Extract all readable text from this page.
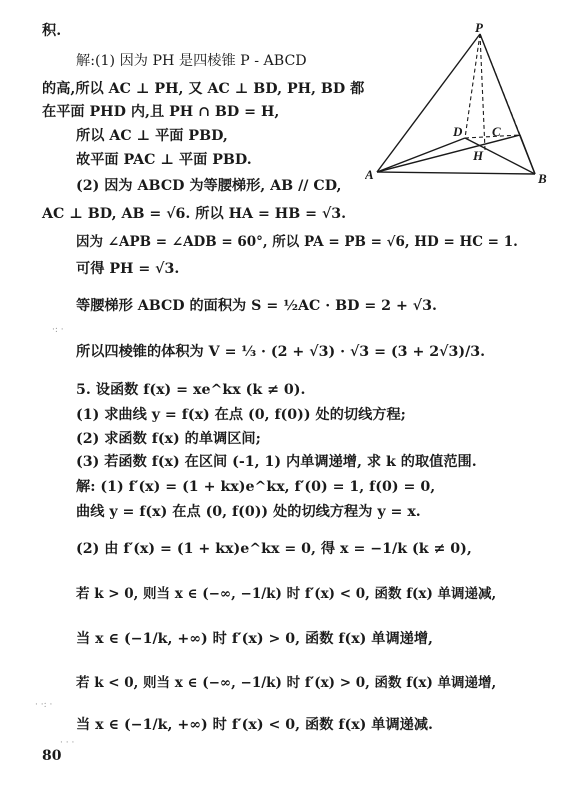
积.
解:(1) 因为 PH 是四棱锥 P - ABCD
的高,所以 AC ⊥ PH, 又 AC ⊥ BD, PH, BD 都
在平面 PHD 内,且 PH ∩ BD = H,
所以 AC ⊥ 平面 PBD,
故平面 PAC ⊥ 平面 PBD.
(2) 因为 ABCD 为等腰梯形, AB // CD,
AC ⊥ BD, AB = √6. 所以 HA = HB = √3.
因为 ∠APB = ∠ADB = 60°, 所以 PA = PB = √6, HD = HC = 1.
可得 PH = √3.
等腰梯形 ABCD 的面积为 S = ½AC · BD = 2 + √3.
所以四棱锥的体积为 V = ⅓ · (2 + √3) · √3 = (3 + 2√3)/3.
5. 设函数 f(x) = xe^kx (k ≠ 0).
(1) 求曲线 y = f(x) 在点 (0, f(0)) 处的切线方程;
(2) 求函数 f(x) 的单调区间;
(3) 若函数 f(x) 在区间 (-1, 1) 内单调递增, 求 k 的取值范围.
解: (1) f′(x) = (1 + kx)e^kx, f′(0) = 1, f(0) = 0,
曲线 y = f(x) 在点 (0, f(0)) 处的切线方程为 y = x.
(2) 由 f′(x) = (1 + kx)e^kx = 0, 得 x = −1/k (k ≠ 0),
若 k > 0, 则当 x ∈ (−∞, −1/k) 时 f′(x) < 0, 函数 f(x) 单调递减,
当 x ∈ (−1/k, +∞) 时 f′(x) > 0, 函数 f(x) 单调递增,
若 k < 0, 则当 x ∈ (−∞, −1/k) 时 f′(x) > 0, 函数 f(x) 单调递增,
当 x ∈ (−1/k, +∞) 时 f′(x) < 0, 函数 f(x) 单调递减.
·: ·
· ·: ·
· · ·
P
A	B
C
D
H
80
